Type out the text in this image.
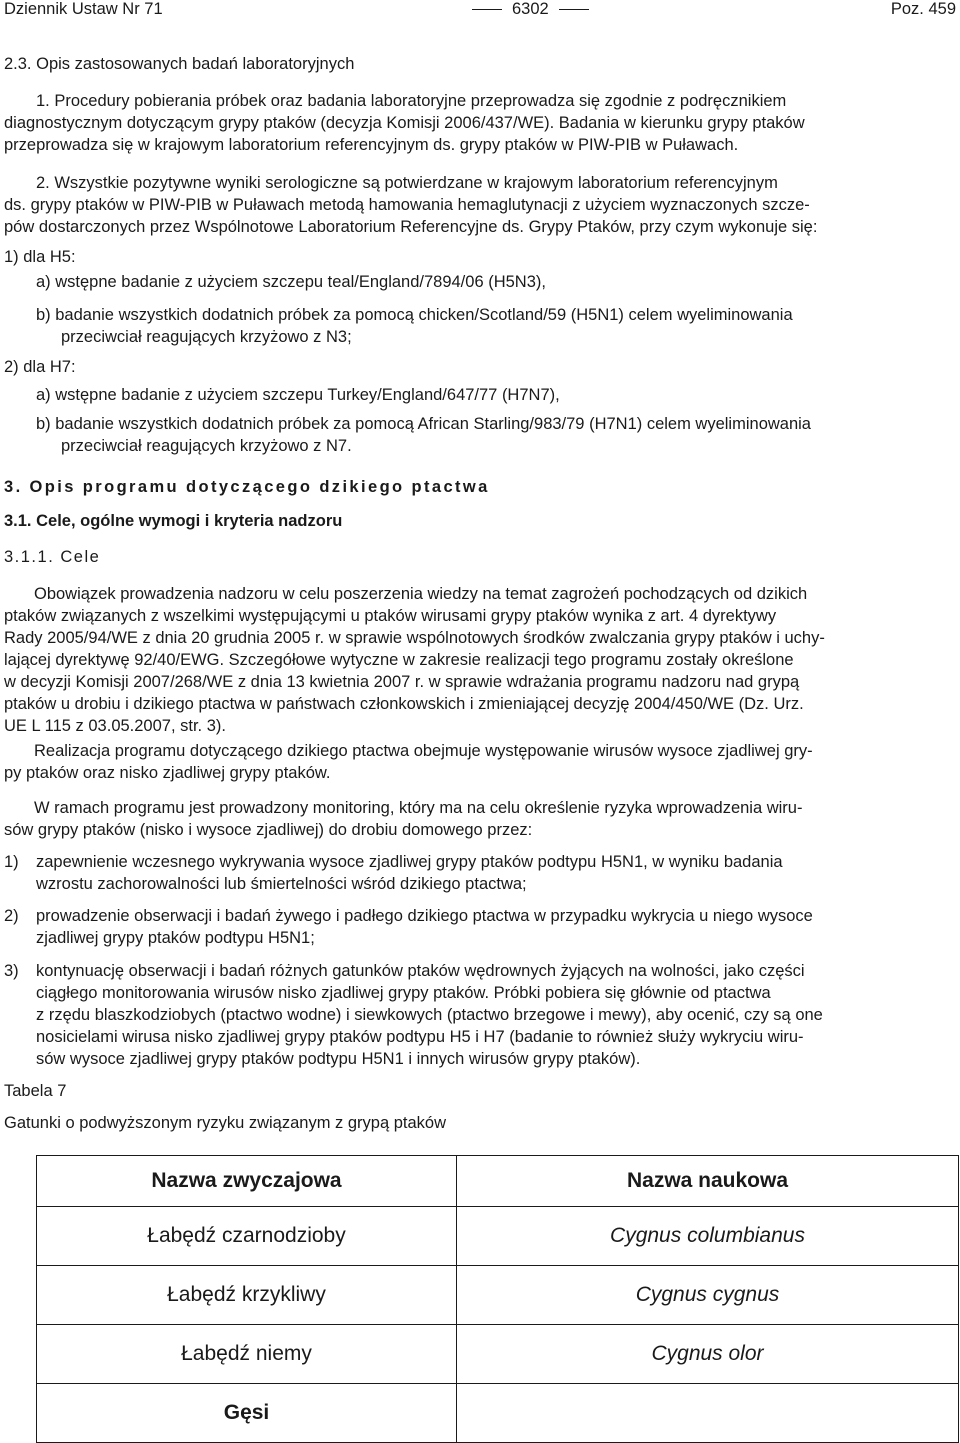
Dziennik Ustaw Nr 71	6302	Poz. 459

2.3. Opis zastosowanych badań laboratoryjnych

1. Procedury pobierania próbek oraz badania laboratoryjne przeprowadza się zgodnie z podręcznikiem
diagnostycznym dotyczącym grypy ptaków (decyzja Komisji 2006/437/WE). Badania w kierunku grypy ptaków
przeprowadza się w krajowym laboratorium referencyjnym ds. grypy ptaków w PIW-PIB w Puławach.
2. Wszystkie pozytywne wyniki serologiczne są potwierdzane w krajowym laboratorium referencyjnym
ds. grypy ptaków w PIW-PIB w Puławach metodą hamowania hemaglutynacji z użyciem wyznaczonych szcze-
pów dostarczonych przez Wspólnotowe Laboratorium Referencyjne ds. Grypy Ptaków, przy czym wykonuje się:
1) dla H5:
a) wstępne badanie z użyciem szczepu teal/England/7894/06 (H5N3),
b) badanie wszystkich dodatnich próbek za pomocą chicken/Scotland/59 (H5N1) celem wyeliminowania
przeciwciał reagujących krzyżowo z N3;
2) dla H7:
a) wstępne badanie z użyciem szczepu Turkey/England/647/77 (H7N7),
b) badanie wszystkich dodatnich próbek za pomocą African Starling/983/79 (H7N1) celem wyeliminowania
przeciwciał reagujących krzyżowo z N7.
3. Opis programu dotyczącego dzikiego ptactwa
3.1. Cele, ogólne wymogi i kryteria nadzoru
3.1.1. Cele
Obowiązek prowadzenia nadzoru w celu poszerzenia wiedzy na temat zagrożeń pochodzących od dzikich
ptaków związanych z wszelkimi występującymi u ptaków wirusami grypy ptaków wynika z art. 4 dyrektywy
Rady 2005/94/WE z dnia 20 grudnia 2005 r. w sprawie wspólnotowych środków zwalczania grypy ptaków i uchy-
lającej dyrektywę 92/40/EWG. Szczegółowe wytyczne w zakresie realizacji tego programu zostały określone
w decyzji Komisji 2007/268/WE z dnia 13 kwietnia 2007 r. w sprawie wdrażania programu nadzoru nad grypą
ptaków u drobiu i dzikiego ptactwa w państwach członkowskich i zmieniającej decyzję 2004/450/WE (Dz. Urz.
UE L 115 z 03.05.2007, str. 3).
Realizacja programu dotyczącego dzikiego ptactwa obejmuje występowanie wirusów wysoce zjadliwej gry-
py ptaków oraz nisko zjadliwej grypy ptaków.
W ramach programu jest prowadzony monitoring, który ma na celu określenie ryzyka wprowadzenia wiru-
sów grypy ptaków (nisko i wysoce zjadliwej) do drobiu domowego przez:
1)	zapewnienie wczesnego wykrywania wysoce zjadliwej grypy ptaków podtypu H5N1, w wyniku badania
wzrostu zachorowalności lub śmiertelności wśród dzikiego ptactwa;
2)	prowadzenie obserwacji i badań żywego i padłego dzikiego ptactwa w przypadku wykrycia u niego wysoce
zjadliwej grypy ptaków podtypu H5N1;
3)	kontynuację obserwacji i badań różnych gatunków ptaków wędrownych żyjących na wolności, jako części
ciągłego monitorowania wirusów nisko zjadliwej grypy ptaków. Próbki pobiera się głównie od ptactwa
z rzędu blaszkodziobych (ptactwo wodne) i siewkowych (ptactwo brzegowe i mewy), aby ocenić, czy są one
nosicielami wirusa nisko zjadliwej grypy ptaków podtypu H5 i H7 (badanie to również służy wykryciu wiru-
sów wysoce zjadliwej grypy ptaków podtypu H5N1 i innych wirusów grypy ptaków).
Tabela 7
Gatunki o podwyższonym ryzyku związanym z grypą ptaków
Nazwa zwyczajowa	Nazwa naukowa
Łabędź czarnodzioby	Cygnus columbianus
Łabędź krzykliwy	Cygnus cygnus
Łabędź niemy	Cygnus olor
Gęsi	
